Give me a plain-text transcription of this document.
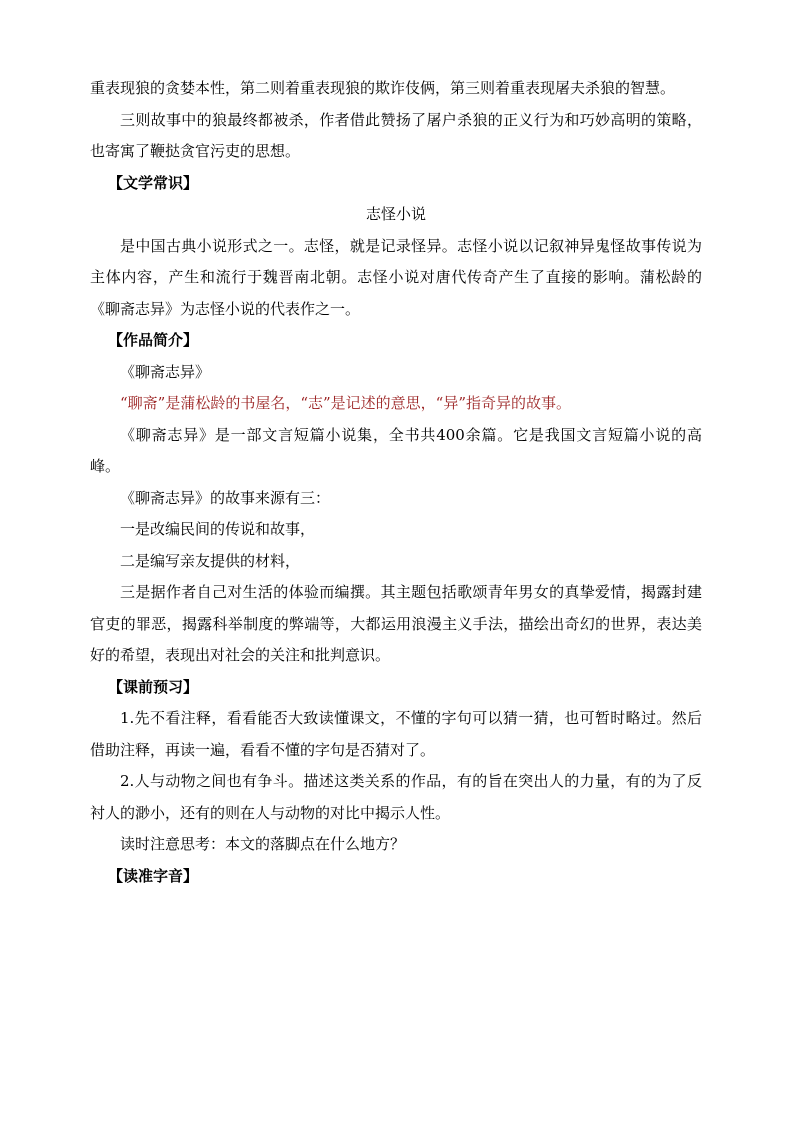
重表现狼的贪婪本性，第二则着重表现狼的欺诈伎俩，第三则着重表现屠夫杀狼的智慧。

三则故事中的狼最终都被杀，作者借此赞扬了屠户杀狼的正义行为和巧妙高明的策略，也寄寓了鞭挞贪官污吏的思想。

【文学常识】

志怪小说

是中国古典小说形式之一。志怪，就是记录怪异。志怪小说以记叙神异鬼怪故事传说为主体内容，产生和流行于魏晋南北朝。志怪小说对唐代传奇产生了直接的影响。蒲松龄的《聊斋志异》为志怪小说的代表作之一。

【作品简介】

《聊斋志异》

“聊斋”是蒲松龄的书屋名，“志”是记述的意思，“异”指奇异的故事。

《聊斋志异》是一部文言短篇小说集，全书共400余篇。它是我国文言短篇小说的高峰。

《聊斋志异》的故事来源有三：

一是改编民间的传说和故事，

二是编写亲友提供的材料，

三是据作者自己对生活的体验而编撰。其主题包括歌颂青年男女的真挚爱情，揭露封建官吏的罪恶，揭露科举制度的弊端等，大都运用浪漫主义手法，描绘出奇幻的世界，表达美好的希望，表现出对社会的关注和批判意识。

【课前预习】

1.先不看注释，看看能否大致读懂课文，不懂的字句可以猜一猜，也可暂时略过。然后借助注释，再读一遍，看看不懂的字句是否猜对了。

2.人与动物之间也有争斗。描述这类关系的作品，有的旨在突出人的力量，有的为了反衬人的渺小，还有的则在人与动物的对比中揭示人性。

读时注意思考：本文的落脚点在什么地方？

【读准字音】
